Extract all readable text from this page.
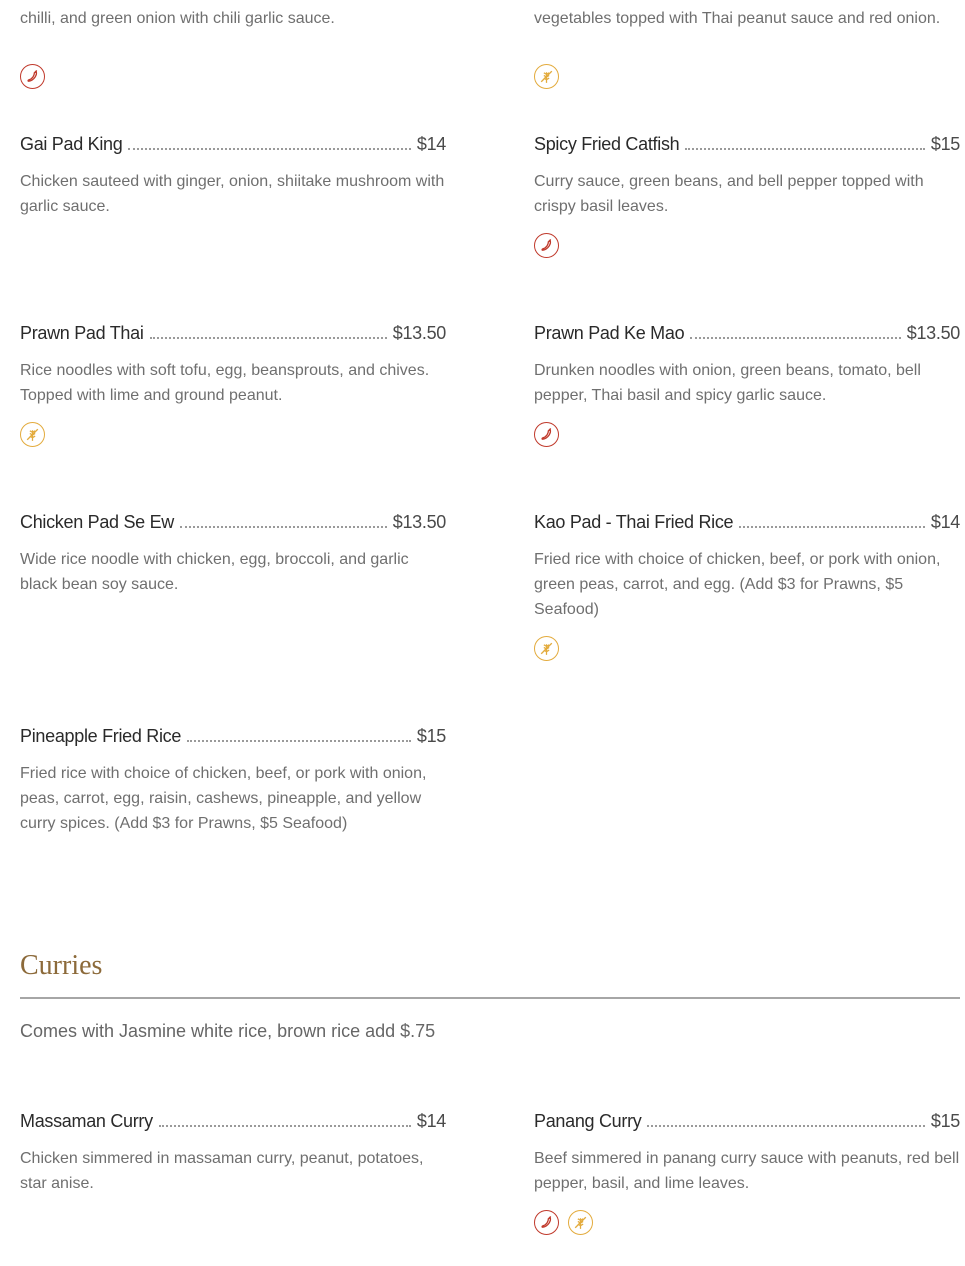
chilli, and green onion with chili garlic sauce.	vegetables topped with Thai peanut sauce and red onion.
Gai Pad King	$14
Chicken sauteed with ginger, onion, shiitake mushroom with garlic sauce.
Spicy Fried Catfish	$15
Curry sauce, green beans, and bell pepper topped with crispy basil leaves.
Prawn Pad Thai	$13.50
Rice noodles with soft tofu, egg, beansprouts, and chives. Topped with lime and ground peanut.
Prawn Pad Ke Mao	$13.50
Drunken noodles with onion, green beans, tomato, bell pepper, Thai basil and spicy garlic sauce.
Chicken Pad Se Ew	$13.50
Wide rice noodle with chicken, egg, broccoli, and garlic black bean soy sauce.
Kao Pad - Thai Fried Rice	$14
Fried rice with choice of chicken, beef, or pork with onion, green peas, carrot, and egg. (Add $3 for Prawns, $5 Seafood)
Pineapple Fried Rice	$15
Fried rice with choice of chicken, beef, or pork with onion, peas, carrot, egg, raisin, cashews, pineapple, and yellow curry spices. (Add $3 for Prawns, $5 Seafood)
Curries
Comes with Jasmine white rice, brown rice add $.75
Massaman Curry	$14
Chicken simmered in massaman curry, peanut, potatoes, star anise.
Panang Curry	$15
Beef simmered in panang curry sauce with peanuts, red bell pepper, basil, and lime leaves.
